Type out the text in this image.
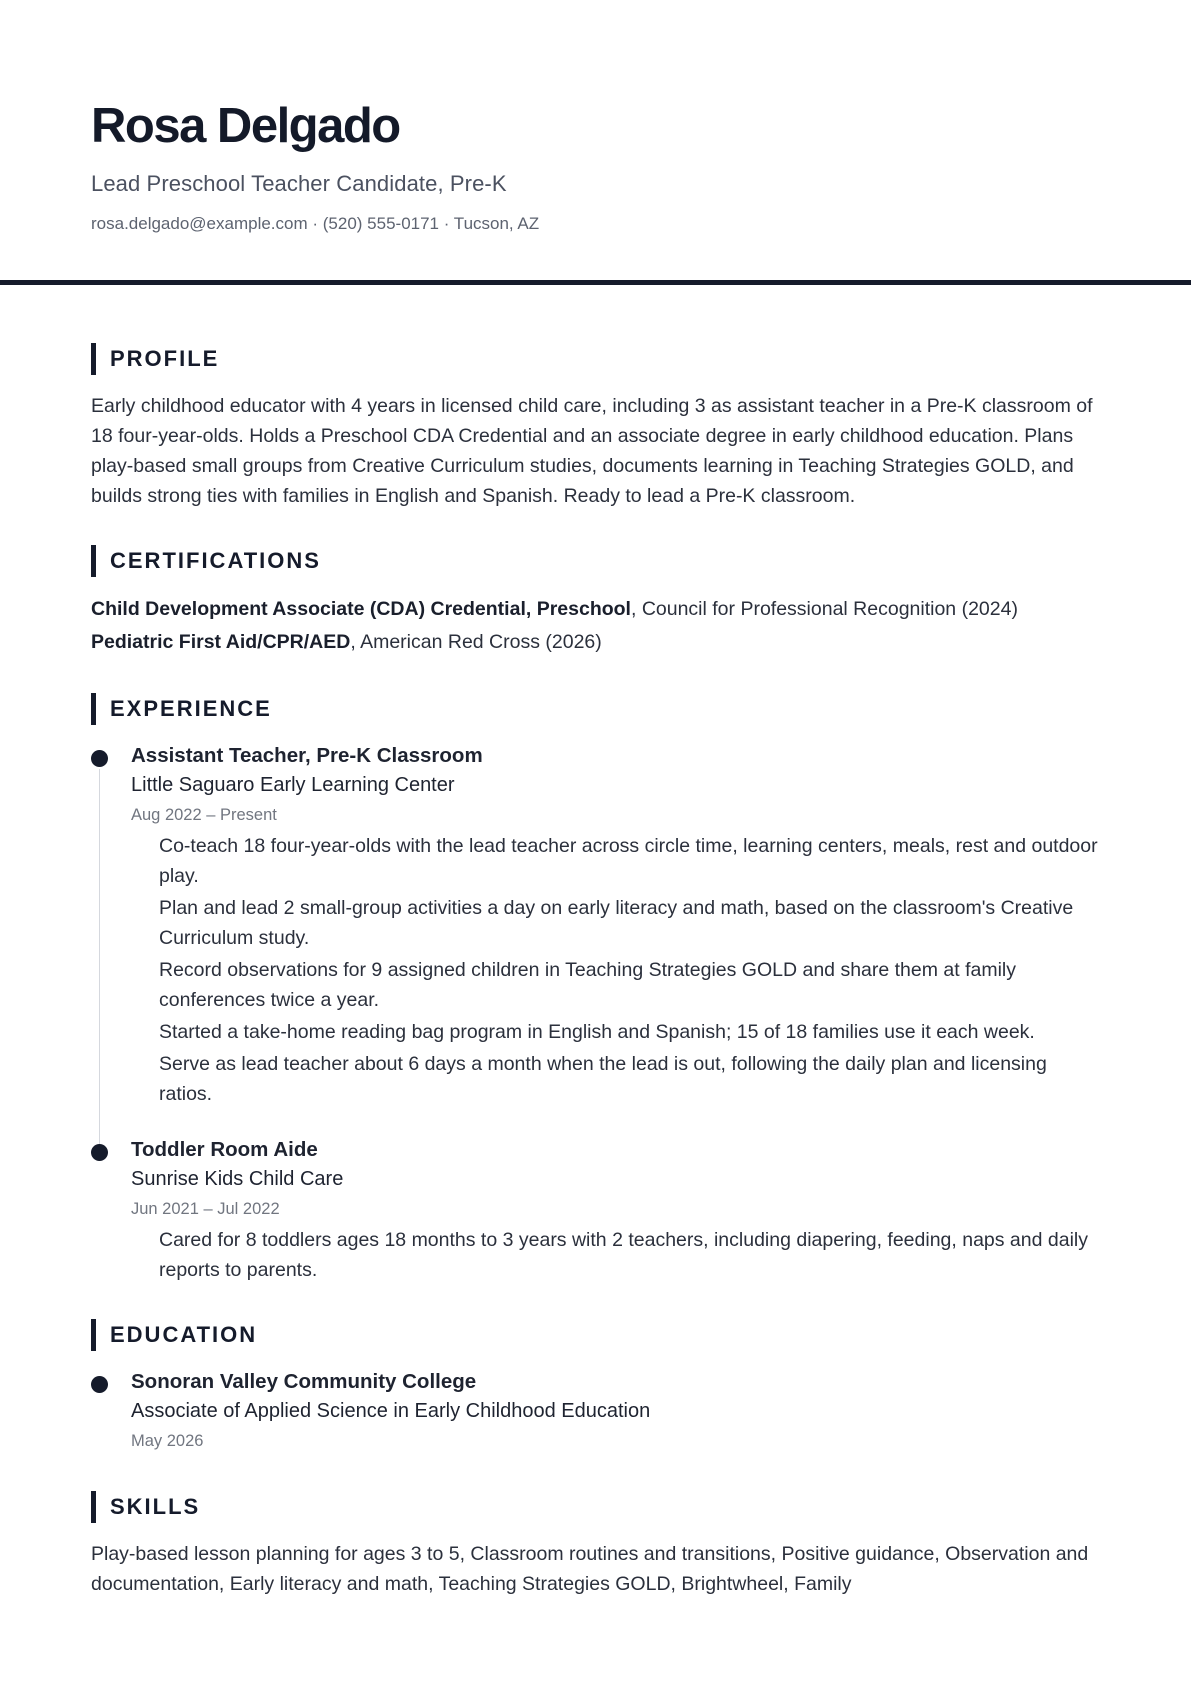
Rosa Delgado
Lead Preschool Teacher Candidate, Pre-K
rosa.delgado@example.com · (520) 555-0171 · Tucson, AZ
PROFILE

Early childhood educator with 4 years in licensed child care, including 3 as assistant teacher in a Pre-K classroom of 18 four-year-olds. Holds a Preschool CDA Credential and an associate degree in early childhood education. Plans play-based small groups from Creative Curriculum studies, documents learning in Teaching Strategies GOLD, and builds strong ties with families in English and Spanish. Ready to lead a Pre-K classroom.

CERTIFICATIONS
Child Development Associate (CDA) Credential, Preschool, Council for Professional Recognition (2024)
Pediatric First Aid/CPR/AED, American Red Cross (2026)
EXPERIENCE
Assistant Teacher, Pre-K Classroom
Little Saguaro Early Learning Center
Aug 2022 – Present
Co-teach 18 four-year-olds with the lead teacher across circle time, learning centers, meals, rest and outdoor play.
Plan and lead 2 small-group activities a day on early literacy and math, based on the classroom's Creative Curriculum study.
Record observations for 9 assigned children in Teaching Strategies GOLD and share them at family conferences twice a year.
Started a take-home reading bag program in English and Spanish; 15 of 18 families use it each week.
Serve as lead teacher about 6 days a month when the lead is out, following the daily plan and licensing ratios.
Toddler Room Aide
Sunrise Kids Child Care
Jun 2021 – Jul 2022
Cared for 8 toddlers ages 18 months to 3 years with 2 teachers, including diapering, feeding, naps and daily reports to parents.
EDUCATION
Sonoran Valley Community College
Associate of Applied Science in Early Childhood Education
May 2026
SKILLS

Play-based lesson planning for ages 3 to 5, Classroom routines and transitions, Positive guidance, Observation and documentation, Early literacy and math, Teaching Strategies GOLD, Brightwheel, Family
